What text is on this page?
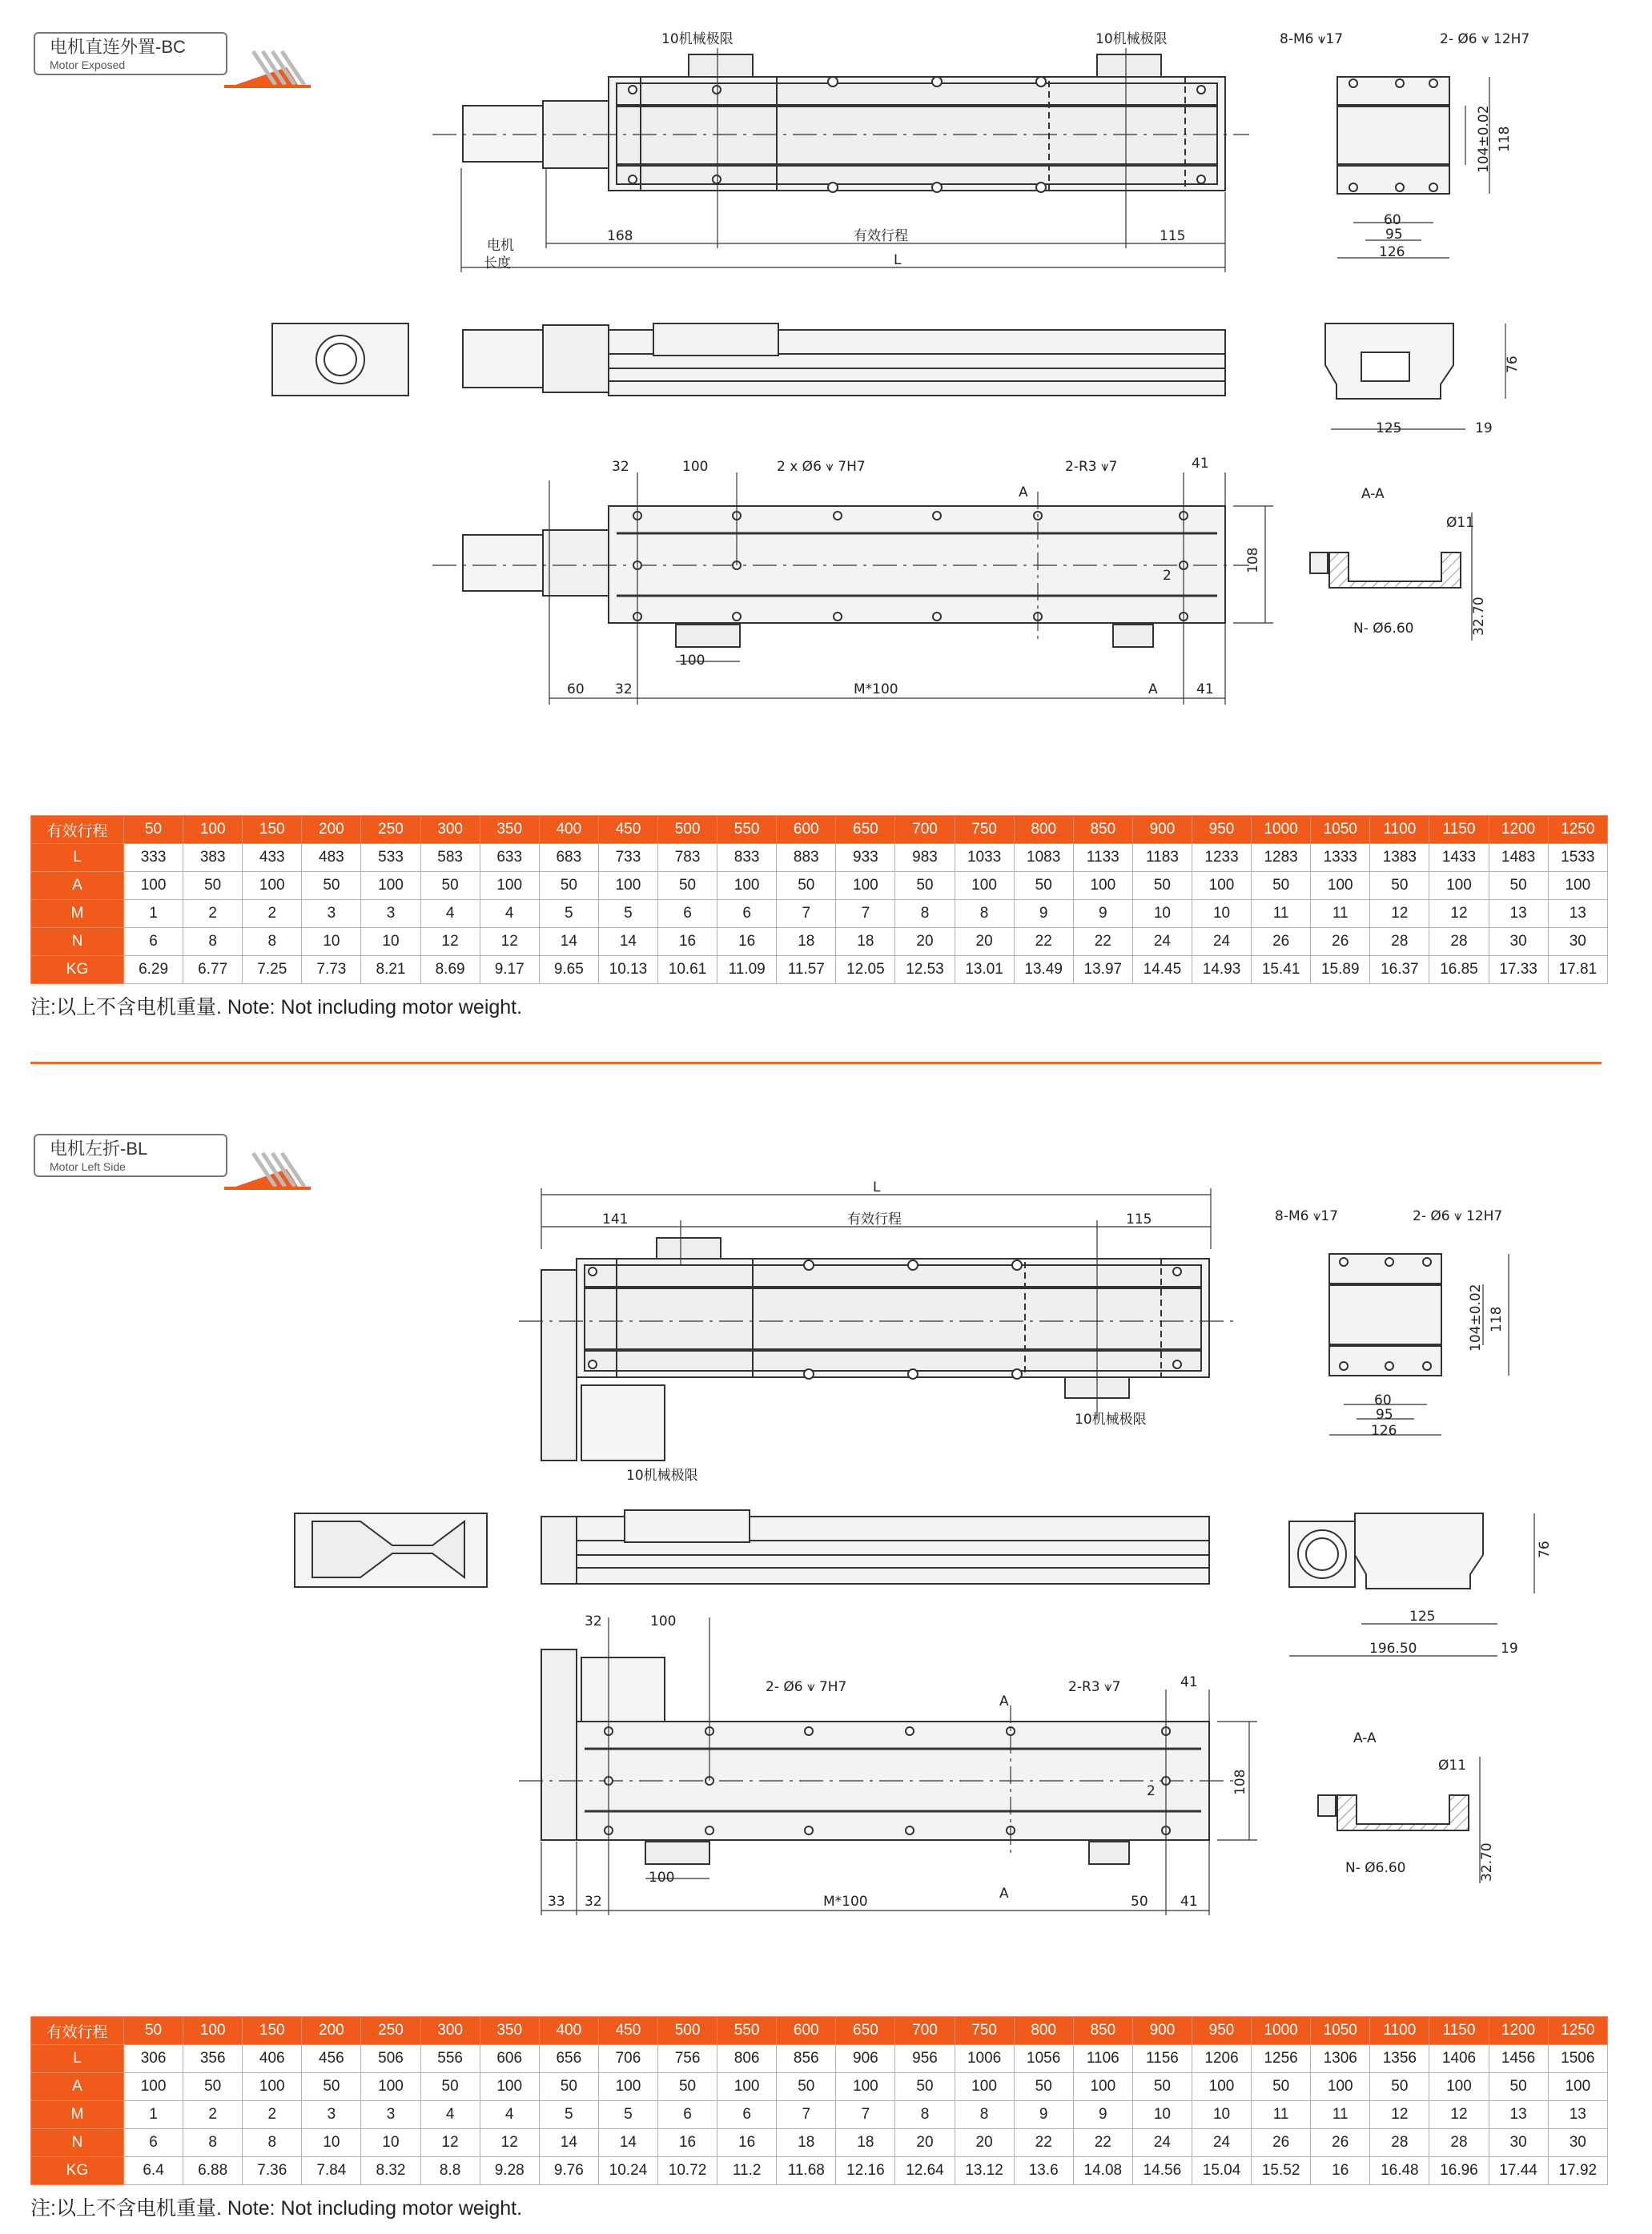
电机直连外置-BC
Motor Exposed
10机械极限	10机械极限
168	有效行程	115
L
电机
长度
8-M6 ⩛17	2- Ø6 ⩛ 12H7
104±0.02 118
60
95
126
76
125	19
32	100	2 x Ø6 ⩛ 7H7	2-R3 ⩛7	41
A
2
108
100
60 32	M*100	A	41
A-A
Ø11
N- Ø6.60	32.70
有效行程	50	100	150	200	250	300	350	400	450	500	550	600	650	700	750	800	850	900	950	1000	1050	1100	1150	1200	1250
L	333	383	433	483	533	583	633	683	733	783	833	883	933	983	1033	1083	1133	1183	1233	1283	1333	1383	1433	1483	1533
A	100	50	100	50	100	50	100	50	100	50	100	50	100	50	100	50	100	50	100	50	100	50	100	50	100
M	1	2	2	3	3	4	4	5	5	6	6	7	7	8	8	9	9	10	10	11	11	12	12	13	13
N	6	8	8	10	10	12	12	14	14	16	16	18	18	20	20	22	22	24	24	26	26	28	28	30	30
KG	6.29	6.77	7.25	7.73	8.21	8.69	9.17	9.65	10.13	10.61	11.09	11.57	12.05	12.53	13.01	13.49	13.97	14.45	14.93	15.41	15.89	16.37	16.85	17.33	17.81
注:以上不含电机重量. Note: Not including motor weight.
电机左折-BL
Motor Left Side
L
141	有效行程	115
10机械极限
10机械极限
8-M6 ⩛17	2- Ø6 ⩛ 12H7
104±0.02 118
60
95
126
76
125
196.50	19
32	100
2- Ø6 ⩛ 7H7	2-R3 ⩛7	41
A
2	108
100
33 32	M*100	A	50 41
A-A
Ø11
N- Ø6.60	32.70
有效行程	50	100	150	200	250	300	350	400	450	500	550	600	650	700	750	800	850	900	950	1000	1050	1100	1150	1200	1250
L	306	356	406	456	506	556	606	656	706	756	806	856	906	956	1006	1056	1106	1156	1206	1256	1306	1356	1406	1456	1506
A	100	50	100	50	100	50	100	50	100	50	100	50	100	50	100	50	100	50	100	50	100	50	100	50	100
M	1	2	2	3	3	4	4	5	5	6	6	7	7	8	8	9	9	10	10	11	11	12	12	13	13
N	6	8	8	10	10	12	12	14	14	16	16	18	18	20	20	22	22	24	24	26	26	28	28	30	30
KG	6.4	6.88	7.36	7.84	8.32	8.8	9.28	9.76	10.24	10.72	11.2	11.68	12.16	12.64	13.12	13.6	14.08	14.56	15.04	15.52	16	16.48	16.96	17.44	17.92
注:以上不含电机重量. Note: Not including motor weight.
